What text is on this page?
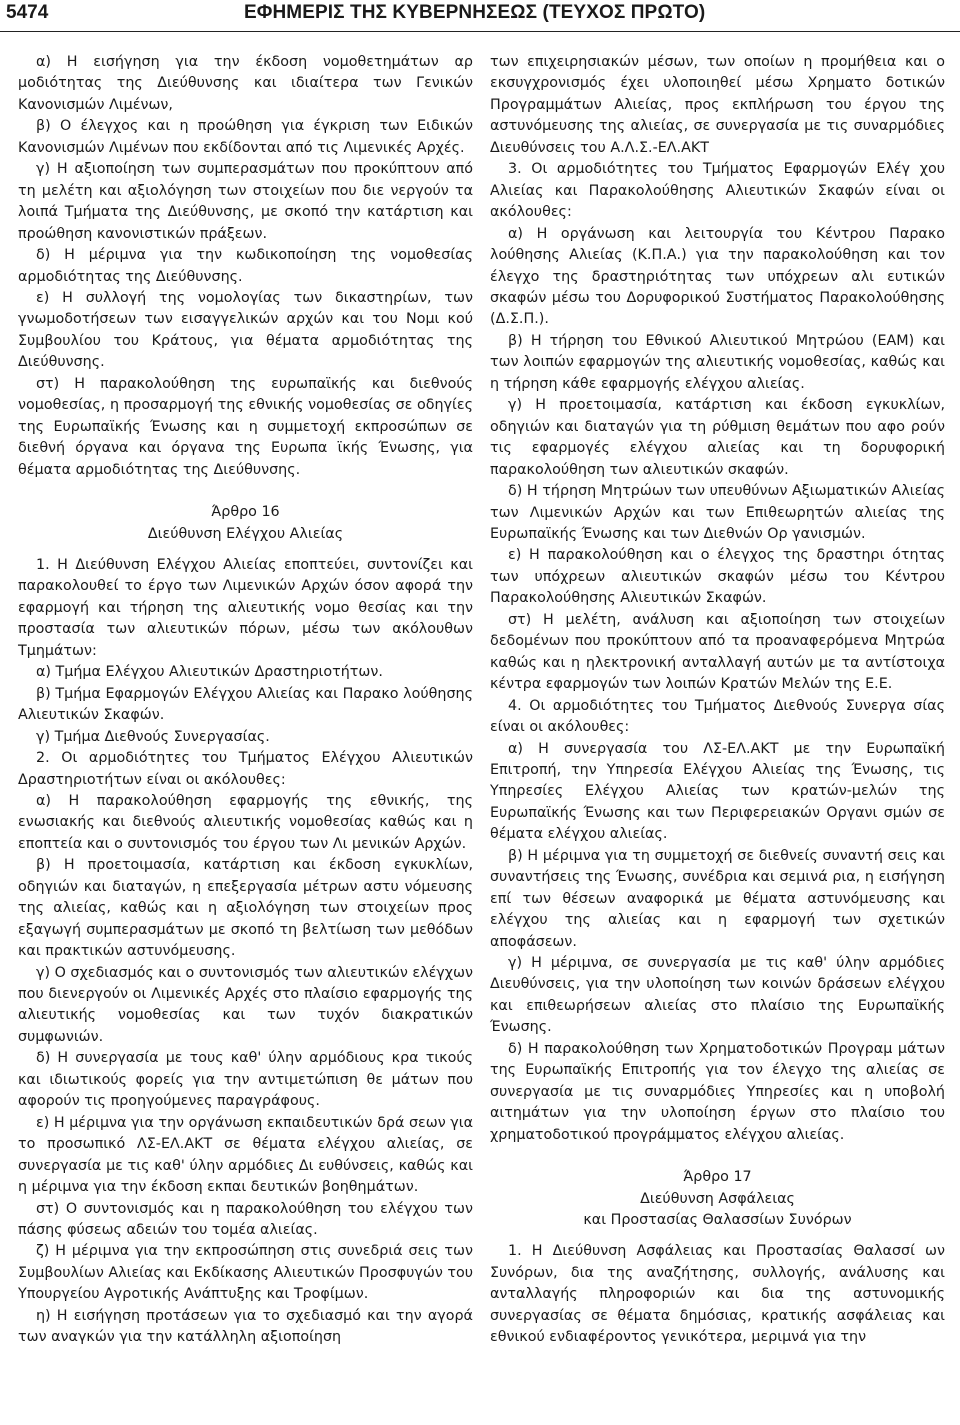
5474	ΕΦΗΜΕΡΙΣ ΤΗΣ ΚΥΒΕΡΝΗΣΕΩΣ (ΤΕΥΧΟΣ ΠΡΩΤΟ)

α) Η εισήγηση για την έκδοση νομοθετημάτων αρ μοδιότητας της Διεύθυνσης και ιδιαίτερα των Γενικών Κανονισμών Λιμένων,

β) Ο έλεγχος και η προώθηση για έγκριση των Ειδικών Κανονισμών Λιμένων που εκδίδονται από τις Λιμενικές Αρχές.

γ) Η αξιοποίηση των συμπερασμάτων που προκύπτουν από τη μελέτη και αξιολόγηση των στοιχείων που διε νεργούν τα λοιπά Τμήματα της Διεύθυνσης, με σκοπό την κατάρτιση και προώθηση κανονιστικών πράξεων.

δ) Η μέριμνα για την κωδικοποίηση της νομοθεσίας αρμοδιότητας της Διεύθυνσης.

ε) Η συλλογή της νομολογίας των δικαστηρίων, των γνωμοδοτήσεων των εισαγγελικών αρχών και του Νομι κού Συμβουλίου του Κράτους, για θέματα αρμοδιότητας της Διεύθυνσης.

στ) Η παρακολούθηση της ευρωπαϊκής και διεθνούς νομοθεσίας, η προσαρμογή της εθνικής νομοθεσίας σε οδηγίες της Ευρωπαϊκής Ένωσης και η συμμετοχή εκπροσώπων σε διεθνή όργανα και όργανα της Ευρωπα ϊκής Ένωσης, για θέματα αρμοδιότητας της Διεύθυνσης.

Άρθρο 16

Διεύθυνση Ελέγχου Αλιείας

1. Η Διεύθυνση Ελέγχου Αλιείας εποπτεύει, συντονίζει και παρακολουθεί το έργο των Λιμενικών Αρχών όσον αφορά την εφαρμογή και τήρηση της αλιευτικής νομο θεσίας και την προστασία των αλιευτικών πόρων, μέσω των ακόλουθων Τμημάτων:

α) Τμήμα Ελέγχου Αλιευτικών Δραστηριοτήτων.

β) Τμήμα Εφαρμογών Ελέγχου Αλιείας και Παρακο λούθησης Αλιευτικών Σκαφών.

γ) Τμήμα Διεθνούς Συνεργασίας.

2. Οι αρμοδιότητες του Τμήματος Ελέγχου Αλιευτικών Δραστηριοτήτων είναι οι ακόλουθες:

α) Η παρακολούθηση εφαρμογής της εθνικής, της ενωσιακής και διεθνούς αλιευτικής νομοθεσίας καθώς και η εποπτεία και ο συντονισμός του έργου των Λι μενικών Αρχών.

β) Η προετοιμασία, κατάρτιση και έκδοση εγκυκλίων, οδηγιών και διαταγών, η επεξεργασία μέτρων αστυ νόμευσης της αλιείας, καθώς και η αξιολόγηση των στοιχείων προς εξαγωγή συμπερασμάτων με σκοπό τη βελτίωση των μεθόδων και πρακτικών αστυνόμευσης.

γ) Ο σχεδιασμός και ο συντονισμός των αλιευτικών ελέγχων που διενεργούν οι Λιμενικές Αρχές στο πλαίσιο εφαρμογής της αλιευτικής νομοθεσίας και των τυχόν διακρατικών συμφωνιών.

δ) Η συνεργασία με τους καθ' ύλην αρμόδιους κρα τικούς και ιδιωτικούς φορείς για την αντιμετώπιση θε μάτων που αφορούν τις προηγούμενες παραγράφους.

ε) Η μέριμνα για την οργάνωση εκπαιδευτικών δρά σεων για το προσωπικό ΛΣ-ΕΛ.ΑΚΤ σε θέματα ελέγχου αλιείας, σε συνεργασία με τις καθ' ύλην αρμόδιες Δι ευθύνσεις, καθώς και η μέριμνα για την έκδοση εκπαι δευτικών βοηθημάτων.

στ) Ο συντονισμός και η παρακολούθηση του ελέγχου των πάσης φύσεως αδειών του τομέα αλιείας.

ζ) Η μέριμνα για την εκπροσώπηση στις συνεδριά σεις των Συμβουλίων Αλιείας και Εκδίκασης Αλιευτικών Προσφυγών του Υπουργείου Αγροτικής Ανάπτυξης και Τροφίμων.

η) Η εισήγηση προτάσεων για το σχεδιασμό και την αγορά των αναγκών για την κατάλληλη αξιοποίηση

των επιχειρησιακών μέσων, των οποίων η προμήθεια και ο εκσυγχρονισμός έχει υλοποιηθεί μέσω Χρηματο δοτικών Προγραμμάτων Αλιείας, προς εκπλήρωση του έργου της αστυνόμευσης της αλιείας, σε συνεργασία με τις συναρμόδιες Διευθύνσεις του Α.Λ.Σ.-ΕΛ.ΑΚΤ

3. Οι αρμοδιότητες του Τμήματος Εφαρμογών Ελέγ χου Αλιείας και Παρακολούθησης Αλιευτικών Σκαφών είναι οι ακόλουθες:

α) Η οργάνωση και λειτουργία του Κέντρου Παρακο λούθησης Αλιείας (Κ.Π.Α.) για την παρακολούθηση και τον έλεγχο της δραστηριότητας των υπόχρεων αλι ευτικών σκαφών μέσω του Δορυφορικού Συστήματος Παρακολούθησης (Δ.Σ.Π.).

β) Η τήρηση του Εθνικού Αλιευτικού Μητρώου (ΕΑΜ) και των λοιπών εφαρμογών της αλιευτικής νομοθεσίας, καθώς και η τήρηση κάθε εφαρμογής ελέγχου αλιείας.

γ) Η προετοιμασία, κατάρτιση και έκδοση εγκυκλίων, οδηγιών και διαταγών για τη ρύθμιση θεμάτων που αφο ρούν τις εφαρμογές ελέγχου αλιείας και τη δορυφορική παρακολούθηση των αλιευτικών σκαφών.

δ) Η τήρηση Μητρώων των υπευθύνων Αξιωματικών Αλιείας των Λιμενικών Αρχών και των Επιθεωρητών αλιείας της Ευρωπαϊκής Ένωσης και των Διεθνών Ορ γανισμών.

ε) Η παρακολούθηση και ο έλεγχος της δραστηρι ότητας των υπόχρεων αλιευτικών σκαφών μέσω του Κέντρου Παρακολούθησης Αλιευτικών Σκαφών.

στ) Η μελέτη, ανάλυση και αξιοποίηση των στοιχείων δεδομένων που προκύπτουν από τα προαναφερόμενα Μητρώα καθώς και η ηλεκτρονική ανταλλαγή αυτών με τα αντίστοιχα κέντρα εφαρμογών των λοιπών Κρατών Μελών της Ε.Ε.

4. Οι αρμοδιότητες του Τμήματος Διεθνούς Συνεργα σίας είναι οι ακόλουθες:

α) Η συνεργασία του ΛΣ-ΕΛ.ΑΚΤ με την Ευρωπαϊκή Επιτροπή, την Υπηρεσία Ελέγχου Αλιείας της Ένωσης, τις Υπηρεσίες Ελέγχου Αλιείας των κρατών-μελών της Ευρωπαϊκής Ένωσης και των Περιφερειακών Οργανι σμών σε θέματα ελέγχου αλιείας.

β) Η μέριμνα για τη συμμετοχή σε διεθνείς συναντή σεις και συναντήσεις της Ένωσης, συνέδρια και σεμινά ρια, η εισήγηση επί των θέσεων αναφορικά με θέματα αστυνόμευσης και ελέγχου της αλιείας και η εφαρμογή των σχετικών αποφάσεων.

γ) Η μέριμνα, σε συνεργασία με τις καθ' ύλην αρμόδιες Διευθύνσεις, για την υλοποίηση των κοινών δράσεων ελέγχου και επιθεωρήσεων αλιείας στο πλαίσιο της Ευρωπαϊκής Ένωσης.

δ) Η παρακολούθηση των Χρηματοδοτικών Προγραμ μάτων της Ευρωπαϊκής Επιτροπής για τον έλεγχο της αλιείας σε συνεργασία με τις συναρμόδιες Υπηρεσίες και η υποβολή αιτημάτων για την υλοποίηση έργων στο πλαίσιο του χρηματοδοτικού προγράμματος ελέγχου αλιείας.

Άρθρο 17

Διεύθυνση Ασφάλειας

και Προστασίας Θαλασσίων Συνόρων

1. Η Διεύθυνση Ασφάλειας και Προστασίας Θαλασσί ων Συνόρων, δια της αναζήτησης, συλλογής, ανάλυσης και ανταλλαγής πληροφοριών και δια της αστυνομικής συνεργασίας σε θέματα δημόσιας, κρατικής ασφάλειας και εθνικού ενδιαφέροντος γενικότερα, μεριμνά για την
